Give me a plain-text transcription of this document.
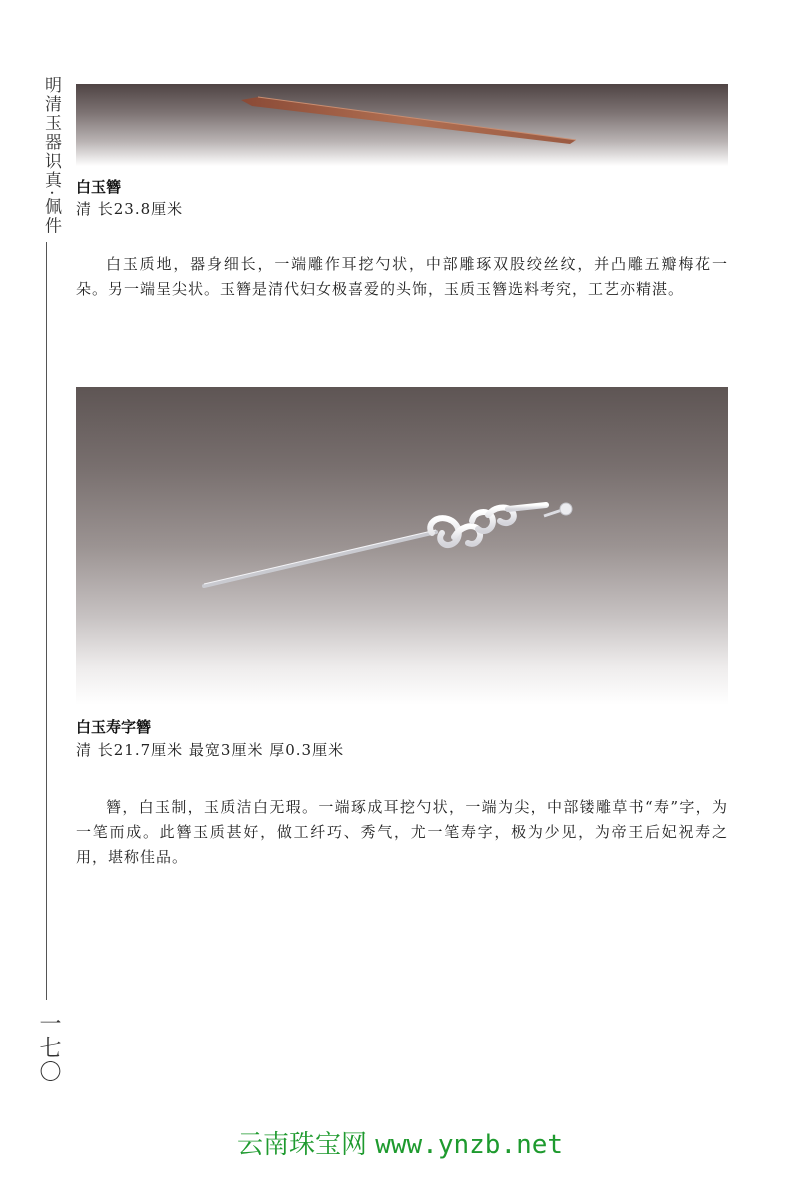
明清玉器识真·佩件
一七〇
白玉簪
清 长23.8厘米
白玉质地，器身细长，一端雕作耳挖勺状，中部雕琢双股绞丝纹，并凸雕五瓣梅花一朵。另一端呈尖状。玉簪是清代妇女极喜爱的头饰，玉质玉簪选料考究，工艺亦精湛。
白玉寿字簪
清 长21.7厘米 最宽3厘米 厚0.3厘米
簪，白玉制，玉质洁白无瑕。一端琢成耳挖勺状，一端为尖，中部镂雕草书“寿”字，为一笔而成。此簪玉质甚好，做工纤巧、秀气，尤一笔寿字，极为少见，为帝王后妃祝寿之用，堪称佳品。
云南珠宝网 www.ynzb.net
